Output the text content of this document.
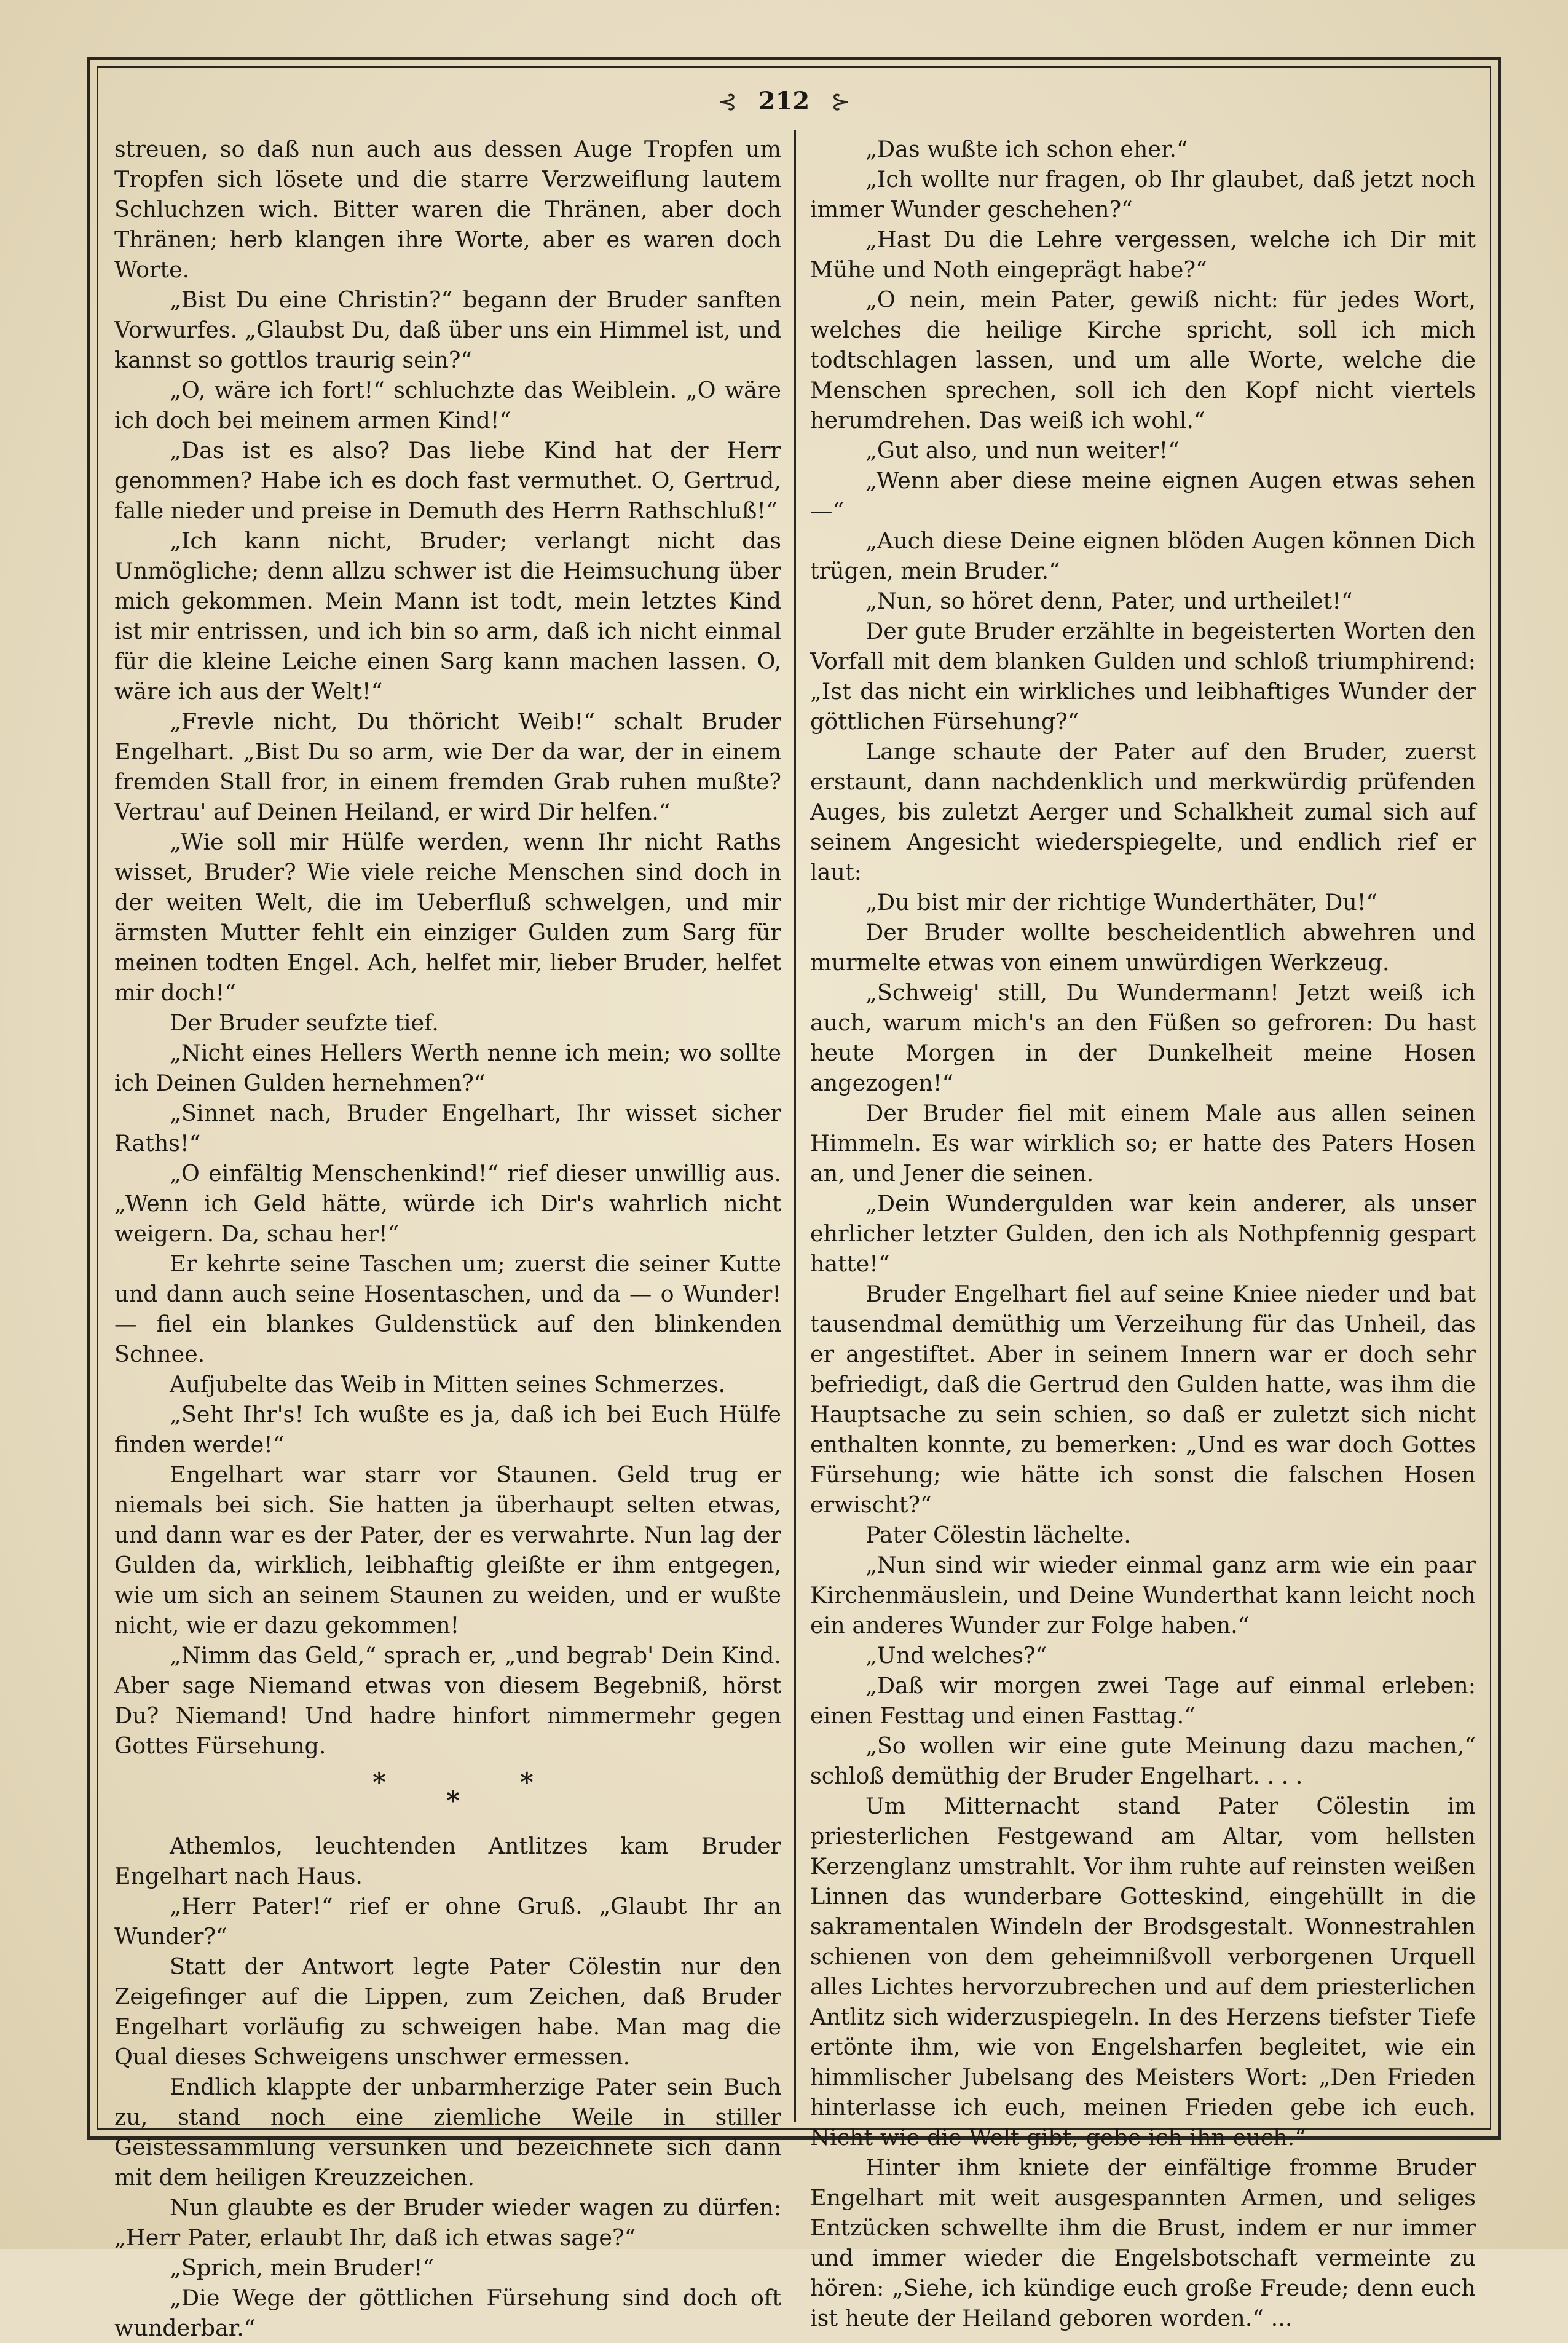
⊰ 212 ⊱

streuen, so daß nun auch aus dessen Auge Tropfen um Tropfen sich lösete und die starre Verzweiflung lautem Schluchzen wich. Bitter waren die Thränen, aber doch Thränen; herb klangen ihre Worte, aber es waren doch Worte.

„Bist Du eine Christin?“ begann der Bruder sanften Vorwurfes. „Glaubst Du, daß über uns ein Himmel ist, und kannst so gottlos traurig sein?“

„O, wäre ich fort!“ schluchzte das Weiblein. „O wäre ich doch bei meinem armen Kind!“

„Das ist es also? Das liebe Kind hat der Herr genommen? Habe ich es doch fast vermuthet. O, Gertrud, falle nieder und preise in Demuth des Herrn Rathschluß!“

„Ich kann nicht, Bruder; verlangt nicht das Unmögliche; denn allzu schwer ist die Heimsuchung über mich gekommen. Mein Mann ist todt, mein letztes Kind ist mir entrissen, und ich bin so arm, daß ich nicht einmal für die kleine Leiche einen Sarg kann machen lassen. O, wäre ich aus der Welt!“

„Frevle nicht, Du thöricht Weib!“ schalt Bruder Engelhart. „Bist Du so arm, wie Der da war, der in einem fremden Stall fror, in einem fremden Grab ruhen mußte? Vertrau' auf Deinen Heiland, er wird Dir helfen.“

„Wie soll mir Hülfe werden, wenn Ihr nicht Raths wisset, Bruder? Wie viele reiche Menschen sind doch in der weiten Welt, die im Ueberfluß schwelgen, und mir ärmsten Mutter fehlt ein einziger Gulden zum Sarg für meinen todten Engel. Ach, helfet mir, lieber Bruder, helfet mir doch!“

Der Bruder seufzte tief.

„Nicht eines Hellers Werth nenne ich mein; wo sollte ich Deinen Gulden hernehmen?“

„Sinnet nach, Bruder Engelhart, Ihr wisset sicher Raths!“

„O einfältig Menschenkind!“ rief dieser unwillig aus. „Wenn ich Geld hätte, würde ich Dir's wahrlich nicht weigern. Da, schau her!“

Er kehrte seine Taschen um; zuerst die seiner Kutte und dann auch seine Hosentaschen, und da — o Wunder! — fiel ein blankes Guldenstück auf den blinkenden Schnee.

Aufjubelte das Weib in Mitten seines Schmerzes.

„Seht Ihr's! Ich wußte es ja, daß ich bei Euch Hülfe finden werde!“

Engelhart war starr vor Staunen. Geld trug er niemals bei sich. Sie hatten ja überhaupt selten etwas, und dann war es der Pater, der es verwahrte. Nun lag der Gulden da, wirklich, leibhaftig gleißte er ihm entgegen, wie um sich an seinem Staunen zu weiden, und er wußte nicht, wie er dazu gekommen!

„Nimm das Geld,“ sprach er, „und begrab' Dein Kind. Aber sage Niemand etwas von diesem Begebniß, hörst Du? Niemand! Und hadre hinfort nimmermehr gegen Gottes Fürsehung.

*
*
*

Athemlos, leuchtenden Antlitzes kam Bruder Engelhart nach Haus.

„Herr Pater!“ rief er ohne Gruß. „Glaubt Ihr an Wunder?“

Statt der Antwort legte Pater Cölestin nur den Zeigefinger auf die Lippen, zum Zeichen, daß Bruder Engelhart vorläufig zu schweigen habe. Man mag die Qual dieses Schweigens unschwer ermessen.

Endlich klappte der unbarmherzige Pater sein Buch zu, stand noch eine ziemliche Weile in stiller Geistessammlung versunken und bezeichnete sich dann mit dem heiligen Kreuzzeichen.

Nun glaubte es der Bruder wieder wagen zu dürfen: „Herr Pater, erlaubt Ihr, daß ich etwas sage?“

„Sprich, mein Bruder!“

„Die Wege der göttlichen Fürsehung sind doch oft wunderbar.“

„Das wußte ich schon eher.“

„Ich wollte nur fragen, ob Ihr glaubet, daß jetzt noch immer Wunder geschehen?“

„Hast Du die Lehre vergessen, welche ich Dir mit Mühe und Noth eingeprägt habe?“

„O nein, mein Pater, gewiß nicht: für jedes Wort, welches die heilige Kirche spricht, soll ich mich todtschlagen lassen, und um alle Worte, welche die Menschen sprechen, soll ich den Kopf nicht viertels herumdrehen. Das weiß ich wohl.“

„Gut also, und nun weiter!“

„Wenn aber diese meine eignen Augen etwas sehen —“

„Auch diese Deine eignen blöden Augen können Dich trügen, mein Bruder.“

„Nun, so höret denn, Pater, und urtheilet!“

Der gute Bruder erzählte in begeisterten Worten den Vorfall mit dem blanken Gulden und schloß triumphirend: „Ist das nicht ein wirkliches und leibhaftiges Wunder der göttlichen Fürsehung?“

Lange schaute der Pater auf den Bruder, zuerst erstaunt, dann nachdenklich und merkwürdig prüfenden Auges, bis zuletzt Aerger und Schalkheit zumal sich auf seinem Angesicht wiederspiegelte, und endlich rief er laut:

„Du bist mir der richtige Wunderthäter, Du!“

Der Bruder wollte bescheidentlich abwehren und murmelte etwas von einem unwürdigen Werkzeug.

„Schweig' still, Du Wundermann! Jetzt weiß ich auch, warum mich's an den Füßen so gefroren: Du hast heute Morgen in der Dunkelheit meine Hosen angezogen!“

Der Bruder fiel mit einem Male aus allen seinen Himmeln. Es war wirklich so; er hatte des Paters Hosen an, und Jener die seinen.

„Dein Wundergulden war kein anderer, als unser ehrlicher letzter Gulden, den ich als Nothpfennig gespart hatte!“

Bruder Engelhart fiel auf seine Kniee nieder und bat tausendmal demüthig um Verzeihung für das Unheil, das er angestiftet. Aber in seinem Innern war er doch sehr befriedigt, daß die Gertrud den Gulden hatte, was ihm die Hauptsache zu sein schien, so daß er zuletzt sich nicht enthalten konnte, zu bemerken: „Und es war doch Gottes Fürsehung; wie hätte ich sonst die falschen Hosen erwischt?“

Pater Cölestin lächelte.

„Nun sind wir wieder einmal ganz arm wie ein paar Kirchenmäuslein, und Deine Wunderthat kann leicht noch ein anderes Wunder zur Folge haben.“

„Und welches?“

„Daß wir morgen zwei Tage auf einmal erleben: einen Festtag und einen Fasttag.“

„So wollen wir eine gute Meinung dazu machen,“ schloß demüthig der Bruder Engelhart. . . .

Um Mitternacht stand Pater Cölestin im priesterlichen Festgewand am Altar, vom hellsten Kerzenglanz umstrahlt. Vor ihm ruhte auf reinsten weißen Linnen das wunderbare Gotteskind, eingehüllt in die sakramentalen Windeln der Brodsgestalt. Wonnestrahlen schienen von dem geheimnißvoll verborgenen Urquell alles Lichtes hervorzubrechen und auf dem priesterlichen Antlitz sich widerzuspiegeln. In des Herzens tiefster Tiefe ertönte ihm, wie von Engelsharfen begleitet, wie ein himmlischer Jubelsang des Meisters Wort: „Den Frieden hinterlasse ich euch, meinen Frieden gebe ich euch. Nicht wie die Welt gibt, gebe ich ihn euch.“

Hinter ihm kniete der einfältige fromme Bruder Engelhart mit weit ausgespannten Armen, und seliges Entzücken schwellte ihm die Brust, indem er nur immer und immer wieder die Engelsbotschaft vermeinte zu hören: „Siehe, ich kündige euch große Freude; denn euch ist heute der Heiland geboren worden.“ ...
